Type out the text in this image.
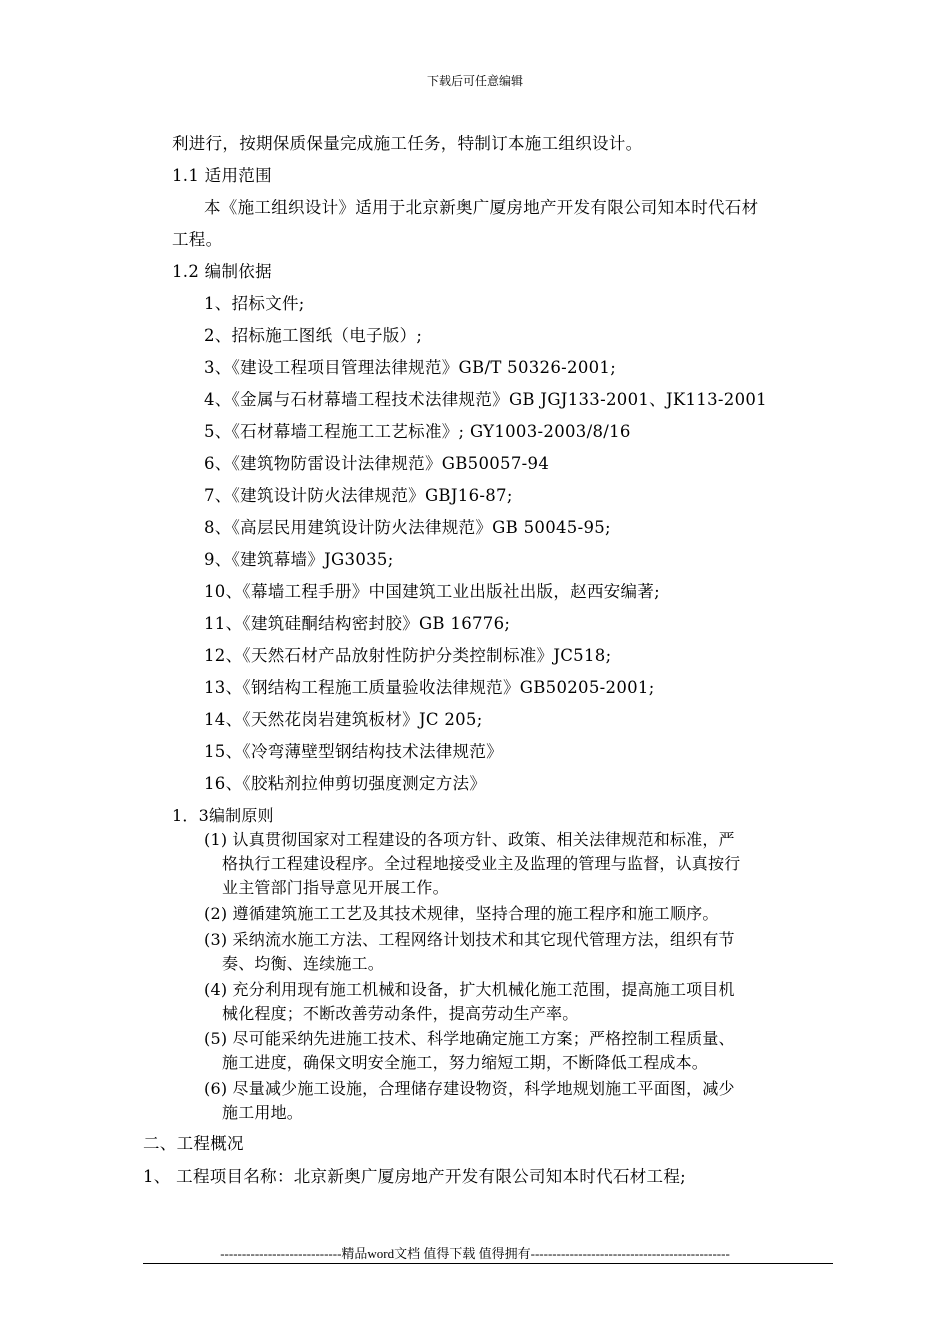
下载后可任意编辑
利进行，按期保质保量完成施工任务，特制订本施工组织设计。
1.1 适用范围
本《施工组织设计》适用于北京新奥广厦房地产开发有限公司知本时代石材
工程。
1.2 编制依据
1、招标文件;
2、招标施工图纸（电子版）;
3、《建设工程项目管理法律规范》GB/T 50326-2001;
4、《金属与石材幕墙工程技术法律规范》GB JGJ133-2001、JK113-2001
5、《石材幕墙工程施工工艺标准》; GY1003-2003/8/16
6、《建筑物防雷设计法律规范》GB50057-94
7、《建筑设计防火法律规范》GBJ16-87;
8、《高层民用建筑设计防火法律规范》GB 50045-95;
9、《建筑幕墙》JG3035;
10、《幕墙工程手册》中国建筑工业出版社出版，赵西安编著;
11、《建筑硅酮结构密封胶》GB 16776;
12、《天然石材产品放射性防护分类控制标准》JC518;
13、《钢结构工程施工质量验收法律规范》GB50205-2001;
14、《天然花岗岩建筑板材》JC 205;
15、《冷弯薄壁型钢结构技术法律规范》
16、《胶粘剂拉伸剪切强度测定方法》
1．3编制原则
(1) 认真贯彻国家对工程建设的各项方针、政策、相关法律规范和标准，严
格执行工程建设程序。全过程地接受业主及监理的管理与监督，认真按行
业主管部门指导意见开展工作。
(2) 遵循建筑施工工艺及其技术规律，坚持合理的施工程序和施工顺序。
(3) 采纳流水施工方法、工程网络计划技术和其它现代管理方法，组织有节
奏、均衡、连续施工。
(4) 充分利用现有施工机械和设备，扩大机械化施工范围，提高施工项目机
械化程度；不断改善劳动条件，提高劳动生产率。
(5) 尽可能采纳先进施工技术、科学地确定施工方案；严格控制工程质量、
施工进度，确保文明安全施工，努力缩短工期，不断降低工程成本。
(6) 尽量减少施工设施，合理储存建设物资，科学地规划施工平面图，减少
施工用地。
二、工程概况
1、 工程项目名称：北京新奥广厦房地产开发有限公司知本时代石材工程;
----------------------------精品word文档 值得下载 值得拥有----------------------------------------------
